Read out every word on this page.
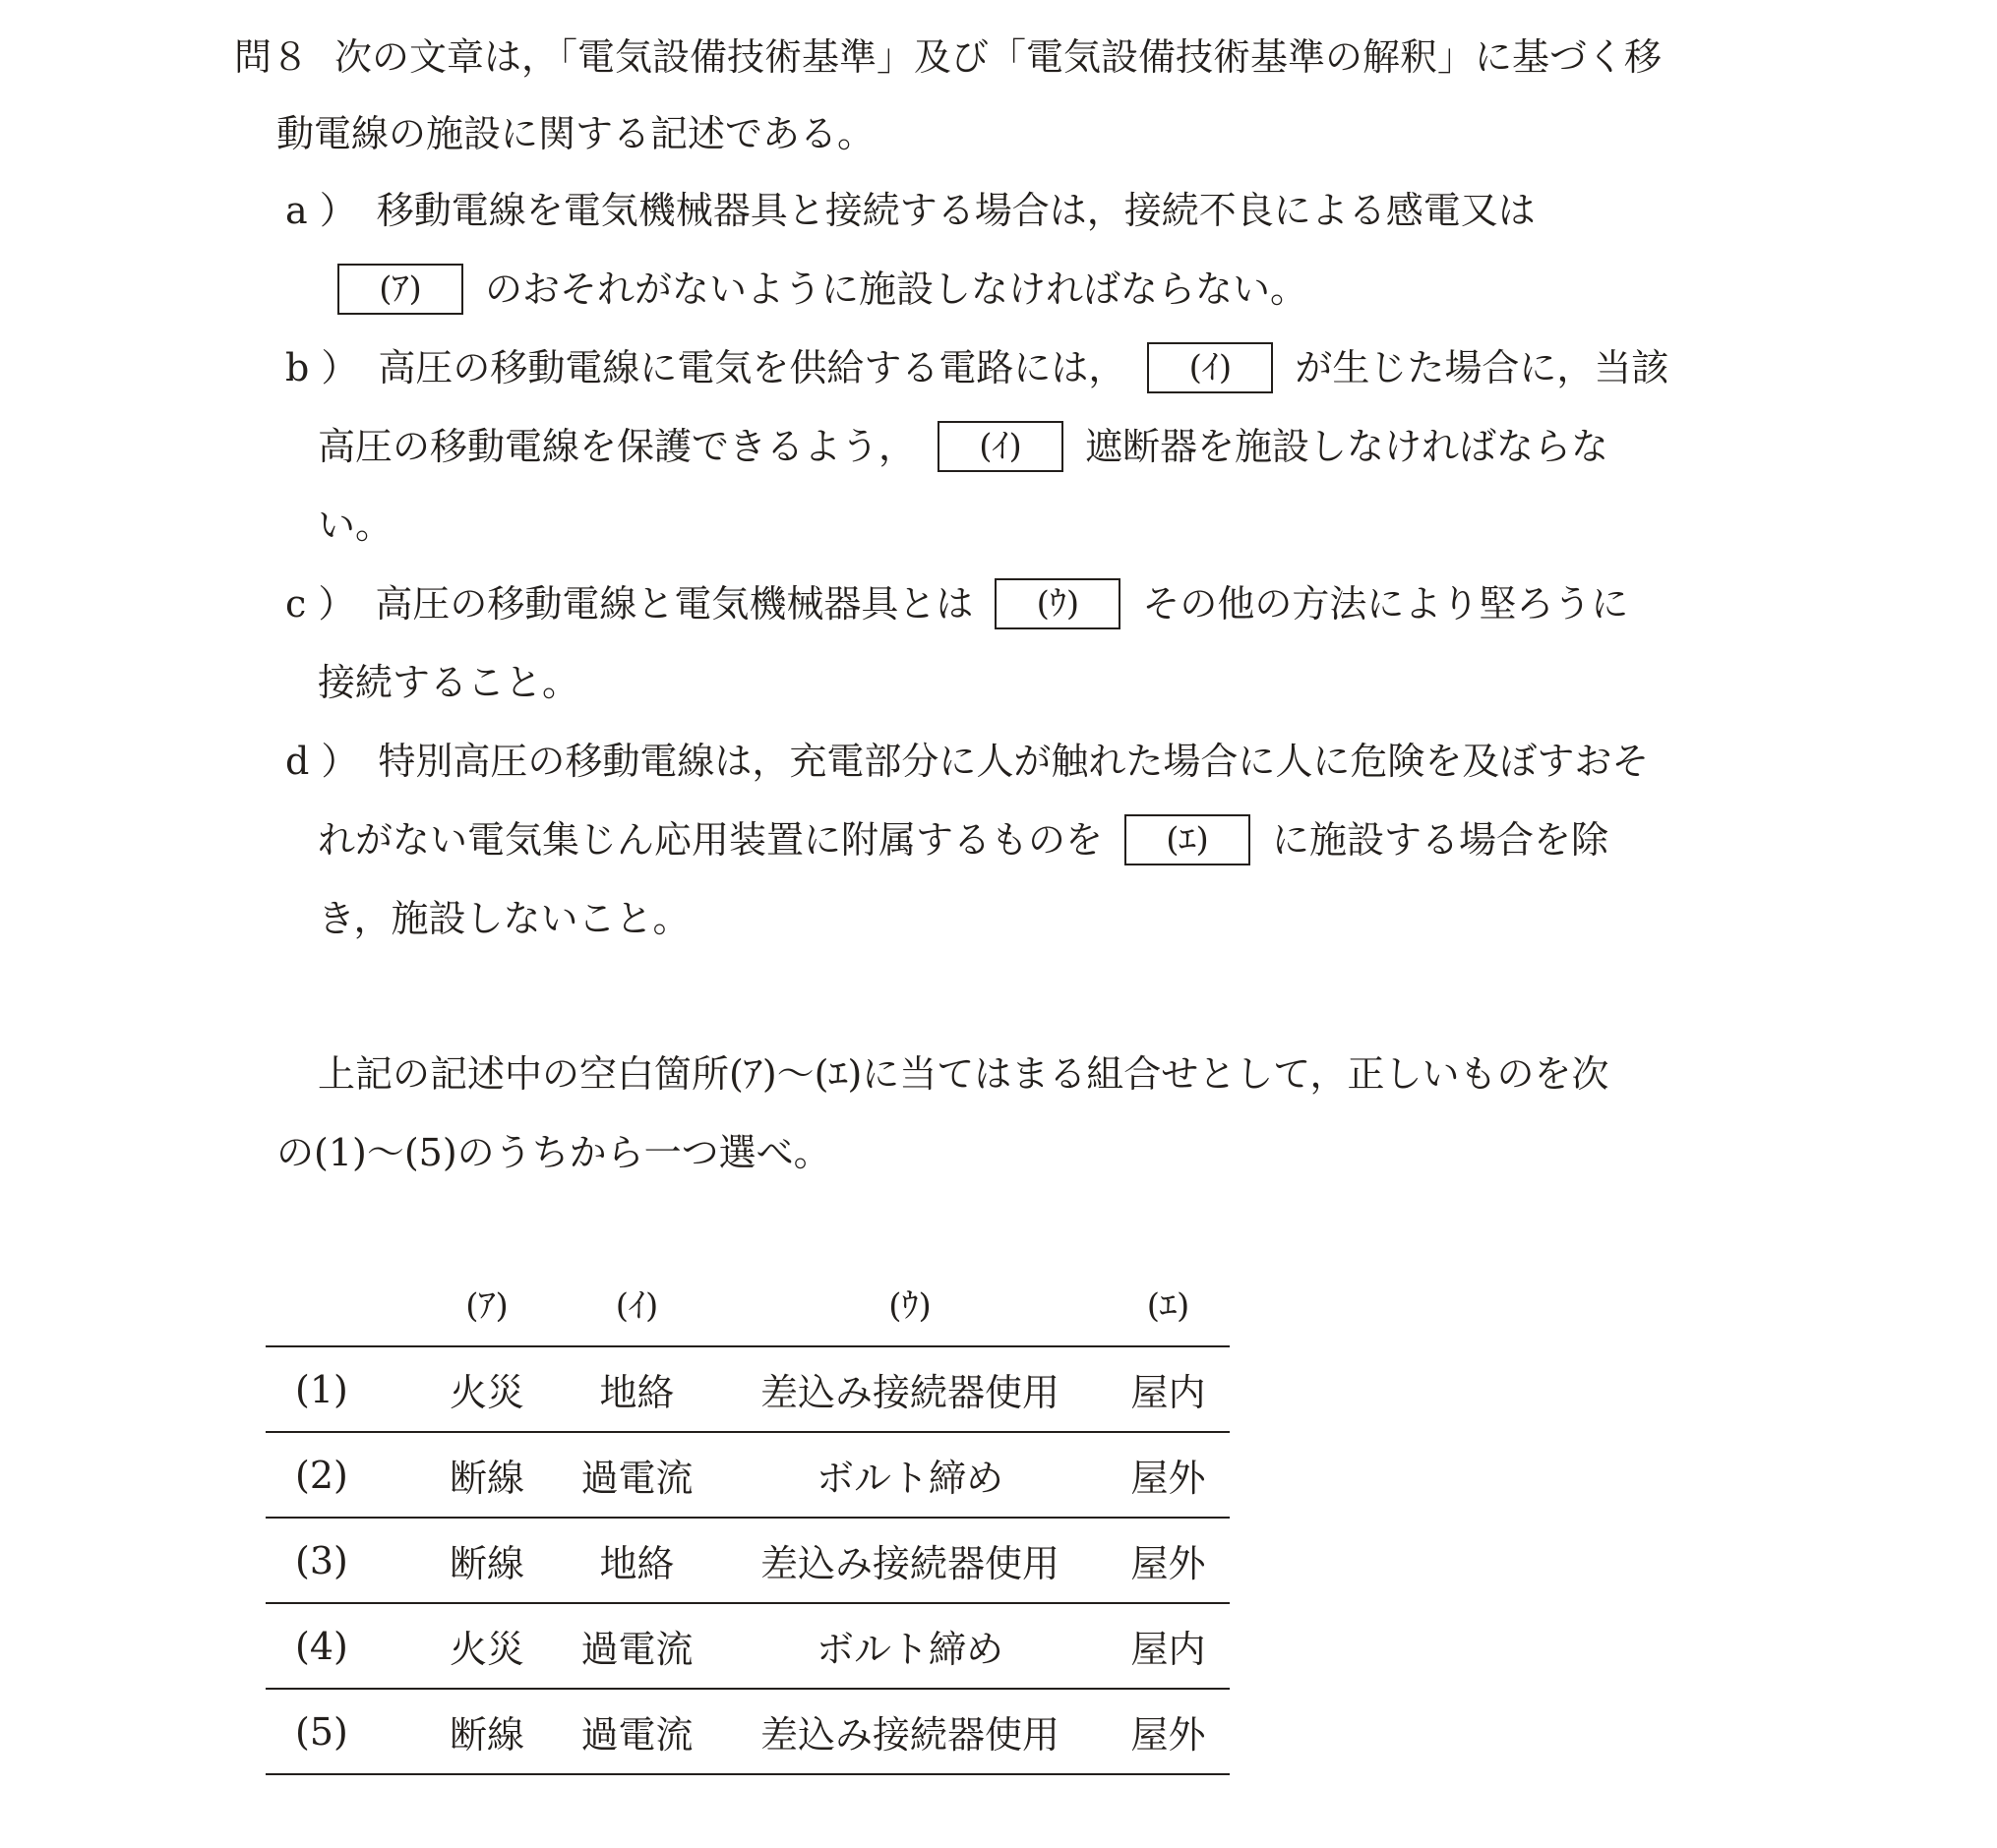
問８ 次の文章は，「電気設備技術基準」及び「電気設備技術基準の解釈」に基づく移
動電線の施設に関する記述である。
a ） 移動電線を電気機械器具と接続する場合は，接続不良による感電又は
(ｱ) のおそれがないように施設しなければならない。
b ） 高圧の移動電線に電気を供給する電路には， (ｲ) が生じた場合に，当該
高圧の移動電線を保護できるよう， (ｲ) 遮断器を施設しなければならな
い。
c ） 高圧の移動電線と電気機械器具とは (ｳ) その他の方法により堅ろうに
接続すること。
d ） 特別高圧の移動電線は，充電部分に人が触れた場合に人に危険を及ぼすおそ
れがない電気集じん応用装置に附属するものを (ｴ) に施設する場合を除
き，施設しないこと。
上記の記述中の空白箇所(ｱ)～(ｴ)に当てはまる組合せとして，正しいものを次
の(1)～(5)のうちから一つ選べ。
	(ｱ)	(ｲ)	(ｳ)	(ｴ)
(1)	火災	地絡	差込み接続器使用	屋内
(2)	断線	過電流	ボルト締め	屋外
(3)	断線	地絡	差込み接続器使用	屋外
(4)	火災	過電流	ボルト締め	屋内
(5)	断線	過電流	差込み接続器使用	屋外
